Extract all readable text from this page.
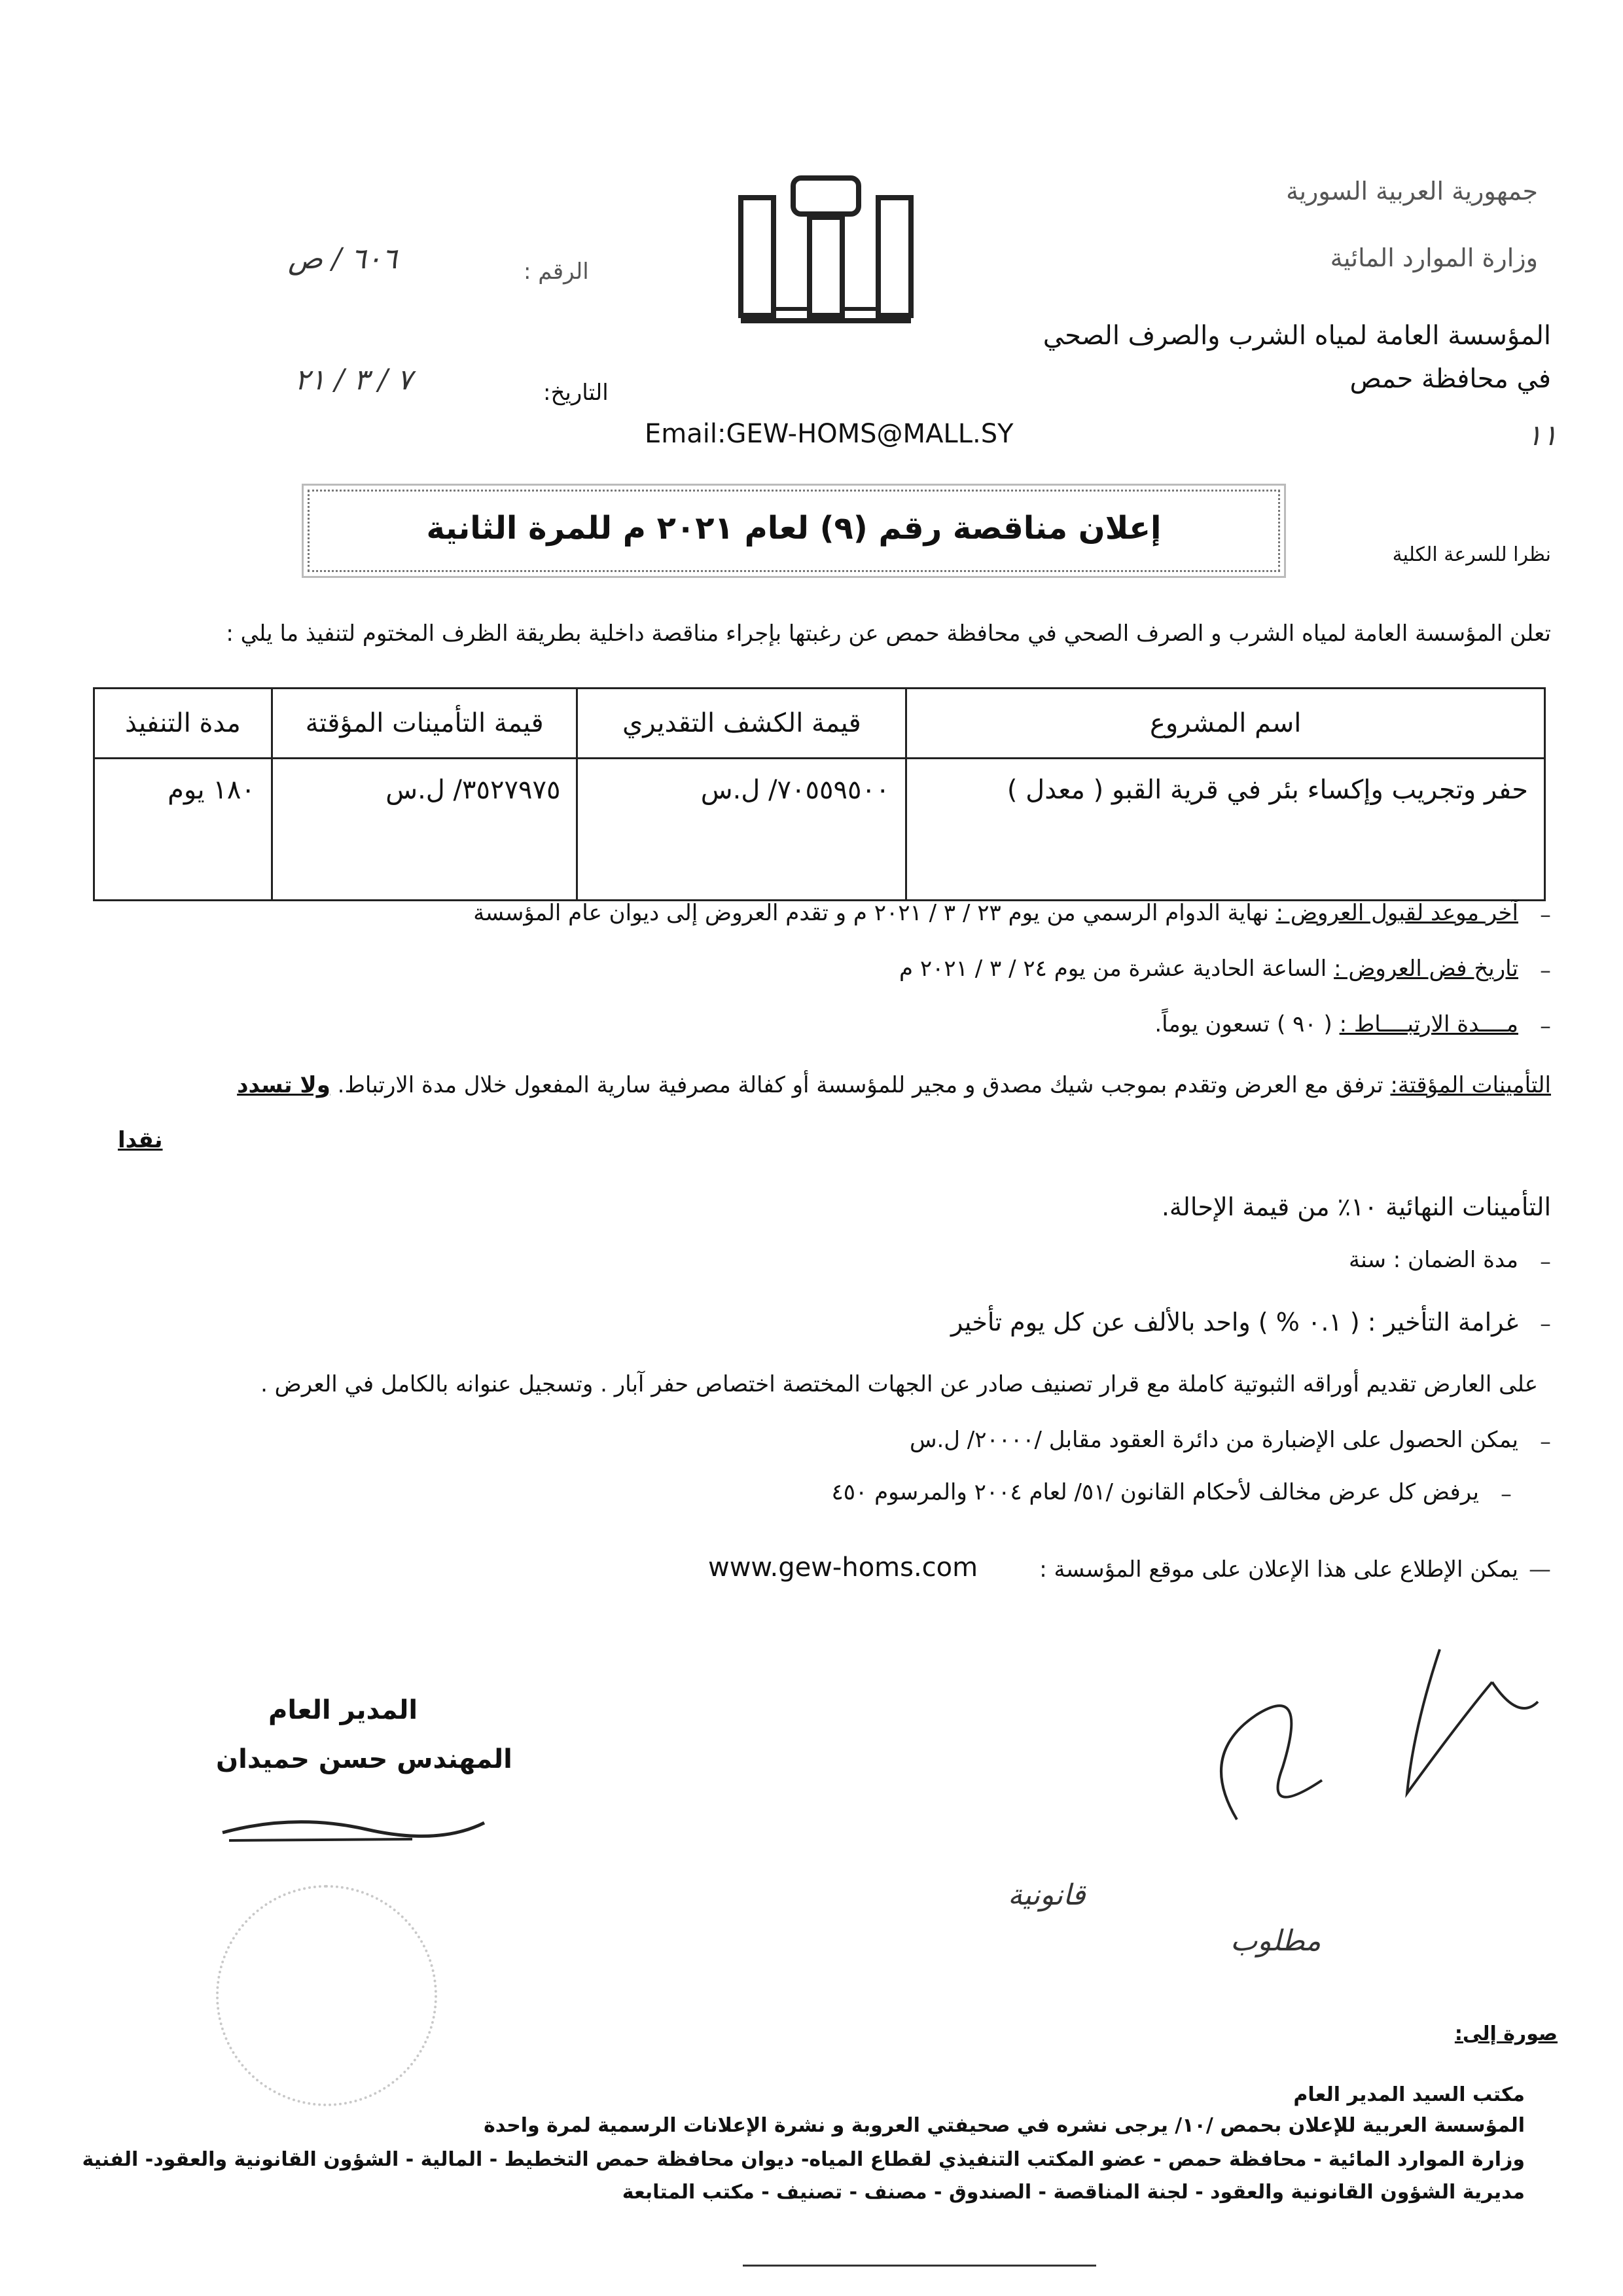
جمهورية العربية السورية
وزارة الموارد المائية
المؤسسة العامة لمياه الشرب والصرف الصحي
في محافظة حمص
١١
الرقم :
٦٠٦ / ص
التاريخ:
٧ / ٣ / ٢١
Email:GEW-HOMS@MALL.SY
إعلان مناقصة رقم (٩) لعام ٢٠٢١ م للمرة الثانية
نظرا للسرعة الكلية
تعلن المؤسسة العامة لمياه الشرب و الصرف الصحي في محافظة حمص عن رغبتها بإجراء مناقصة داخلية بطريقة الظرف المختوم لتنفيذ ما يلي :
اسم المشروع	قيمة الكشف التقديري	قيمة التأمينات المؤقتة	مدة التنفيذ
حفر وتجريب وإكساء بئر في قرية القبو ( معدل )	٧٠٥٥٩٥٠٠/ ل.س	٣٥٢٧٩٧٥/ ل.س	١٨٠ يوم
–
آخر موعد لقبول العروض : نهاية الدوام الرسمي من يوم ٢٣ / ٣ / ٢٠٢١ م و تقدم العروض إلى ديوان عام المؤسسة
–
تاريخ فض العروض : الساعة الحادية عشرة من يوم ٢٤ / ٣ / ٢٠٢١ م
–
مــــدة الارتبــــاط : ( ٩٠ ) تسعون يوماً.
التأمينات المؤقتة: ترفق مع العرض وتقدم بموجب شيك مصدق و مجير للمؤسسة أو كفالة مصرفية سارية المفعول خلال مدة الارتباط. ولا تسدد
نقدا
التأمينات النهائية ١٠٪ من قيمة الإحالة.
–
مدة الضمان : سنة
–
غرامة التأخير : ( ٠.١ % ) واحد بالألف عن كل يوم تأخير
على العارض تقديم أوراقه الثبوتية كاملة مع قرار تصنيف صادر عن الجهات المختصة اختصاص حفر آبار . وتسجيل عنوانه بالكامل في العرض .
–
يمكن الحصول على الإضبارة من دائرة العقود مقابل /٢٠٠٠٠/ ل.س
–
يرفض كل عرض مخالف لأحكام القانون /٥١/ لعام ٢٠٠٤ والمرسوم ٤٥٠
—
يمكن الإطلاع على هذا الإعلان على موقع المؤسسة :
www.gew-homs.com
المدير العام
المهندس حسن حميدان
قانونية
مطلوب
صورة إلى:
مكتب السيد المدير العام
المؤسسة العربية للإعلان بحمص /١٠/ يرجى نشره في صحيفتي العروبة و نشرة الإعلانات الرسمية لمرة واحدة
وزارة الموارد المائية - محافظة حمص - عضو المكتب التنفيذي لقطاع المياه- ديوان محافظة حمص التخطيط - المالية - الشؤون القانونية والعقود- الفنية
مديرية الشؤون القانونية والعقود - لجنة المناقصة - الصندوق - مصنف - تصنيف - مكتب المتابعة
